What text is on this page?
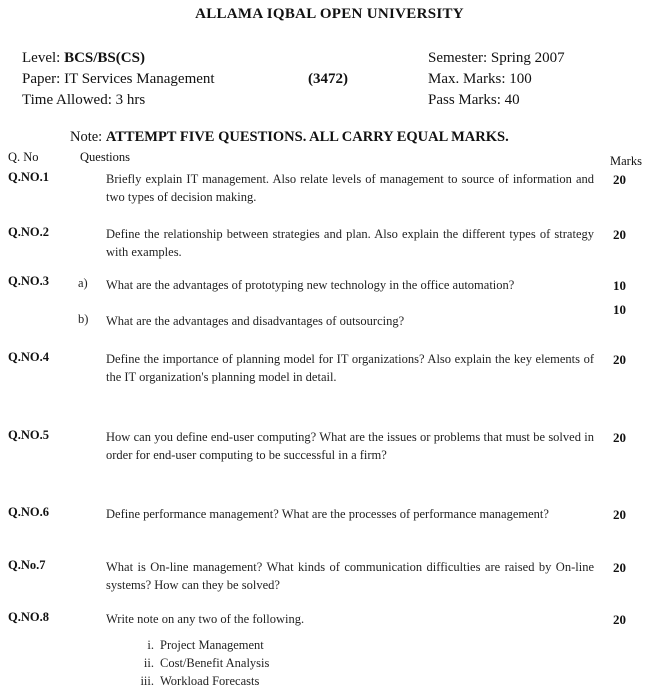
ALLAMA IQBAL OPEN UNIVERSITY
Level: BCS/BS(CS)
Paper: IT Services Management	(3472)
Time Allowed: 3 hrs
Semester: Spring 2007
Max. Marks: 100
Pass Marks: 40
Note: ATTEMPT FIVE QUESTIONS. ALL CARRY EQUAL MARKS.
Q. No	Questions	Marks
Q.NO.1	Briefly explain IT management. Also relate levels of management to source of information and two types of decision making.
20
Q.NO.2	Define the relationship between strategies and plan. Also explain the different types of strategy with examples.
20
Q.NO.3 a) What are the advantages of prototyping new technology in the office automation?	10
b) What are the advantages and disadvantages of outsourcing?
10
Q.NO.4	Define the importance of planning model for IT organizations? Also explain the key elements of the IT organization's planning model in detail.
20
Q.NO.5	How can you define end-user computing? What are the issues or problems that must be solved in order for end-user computing to be successful in a firm?
20
Q.NO.6	Define performance management? What are the processes of performance management?	20
Q.No.7	What is On-line management? What kinds of communication difficulties are raised by On-line systems? How can they be solved?
20
Q.NO.8	Write note on any two of the following.	20
i. Project Management
ii. Cost/Benefit Analysis
iii. Workload Forecasts
